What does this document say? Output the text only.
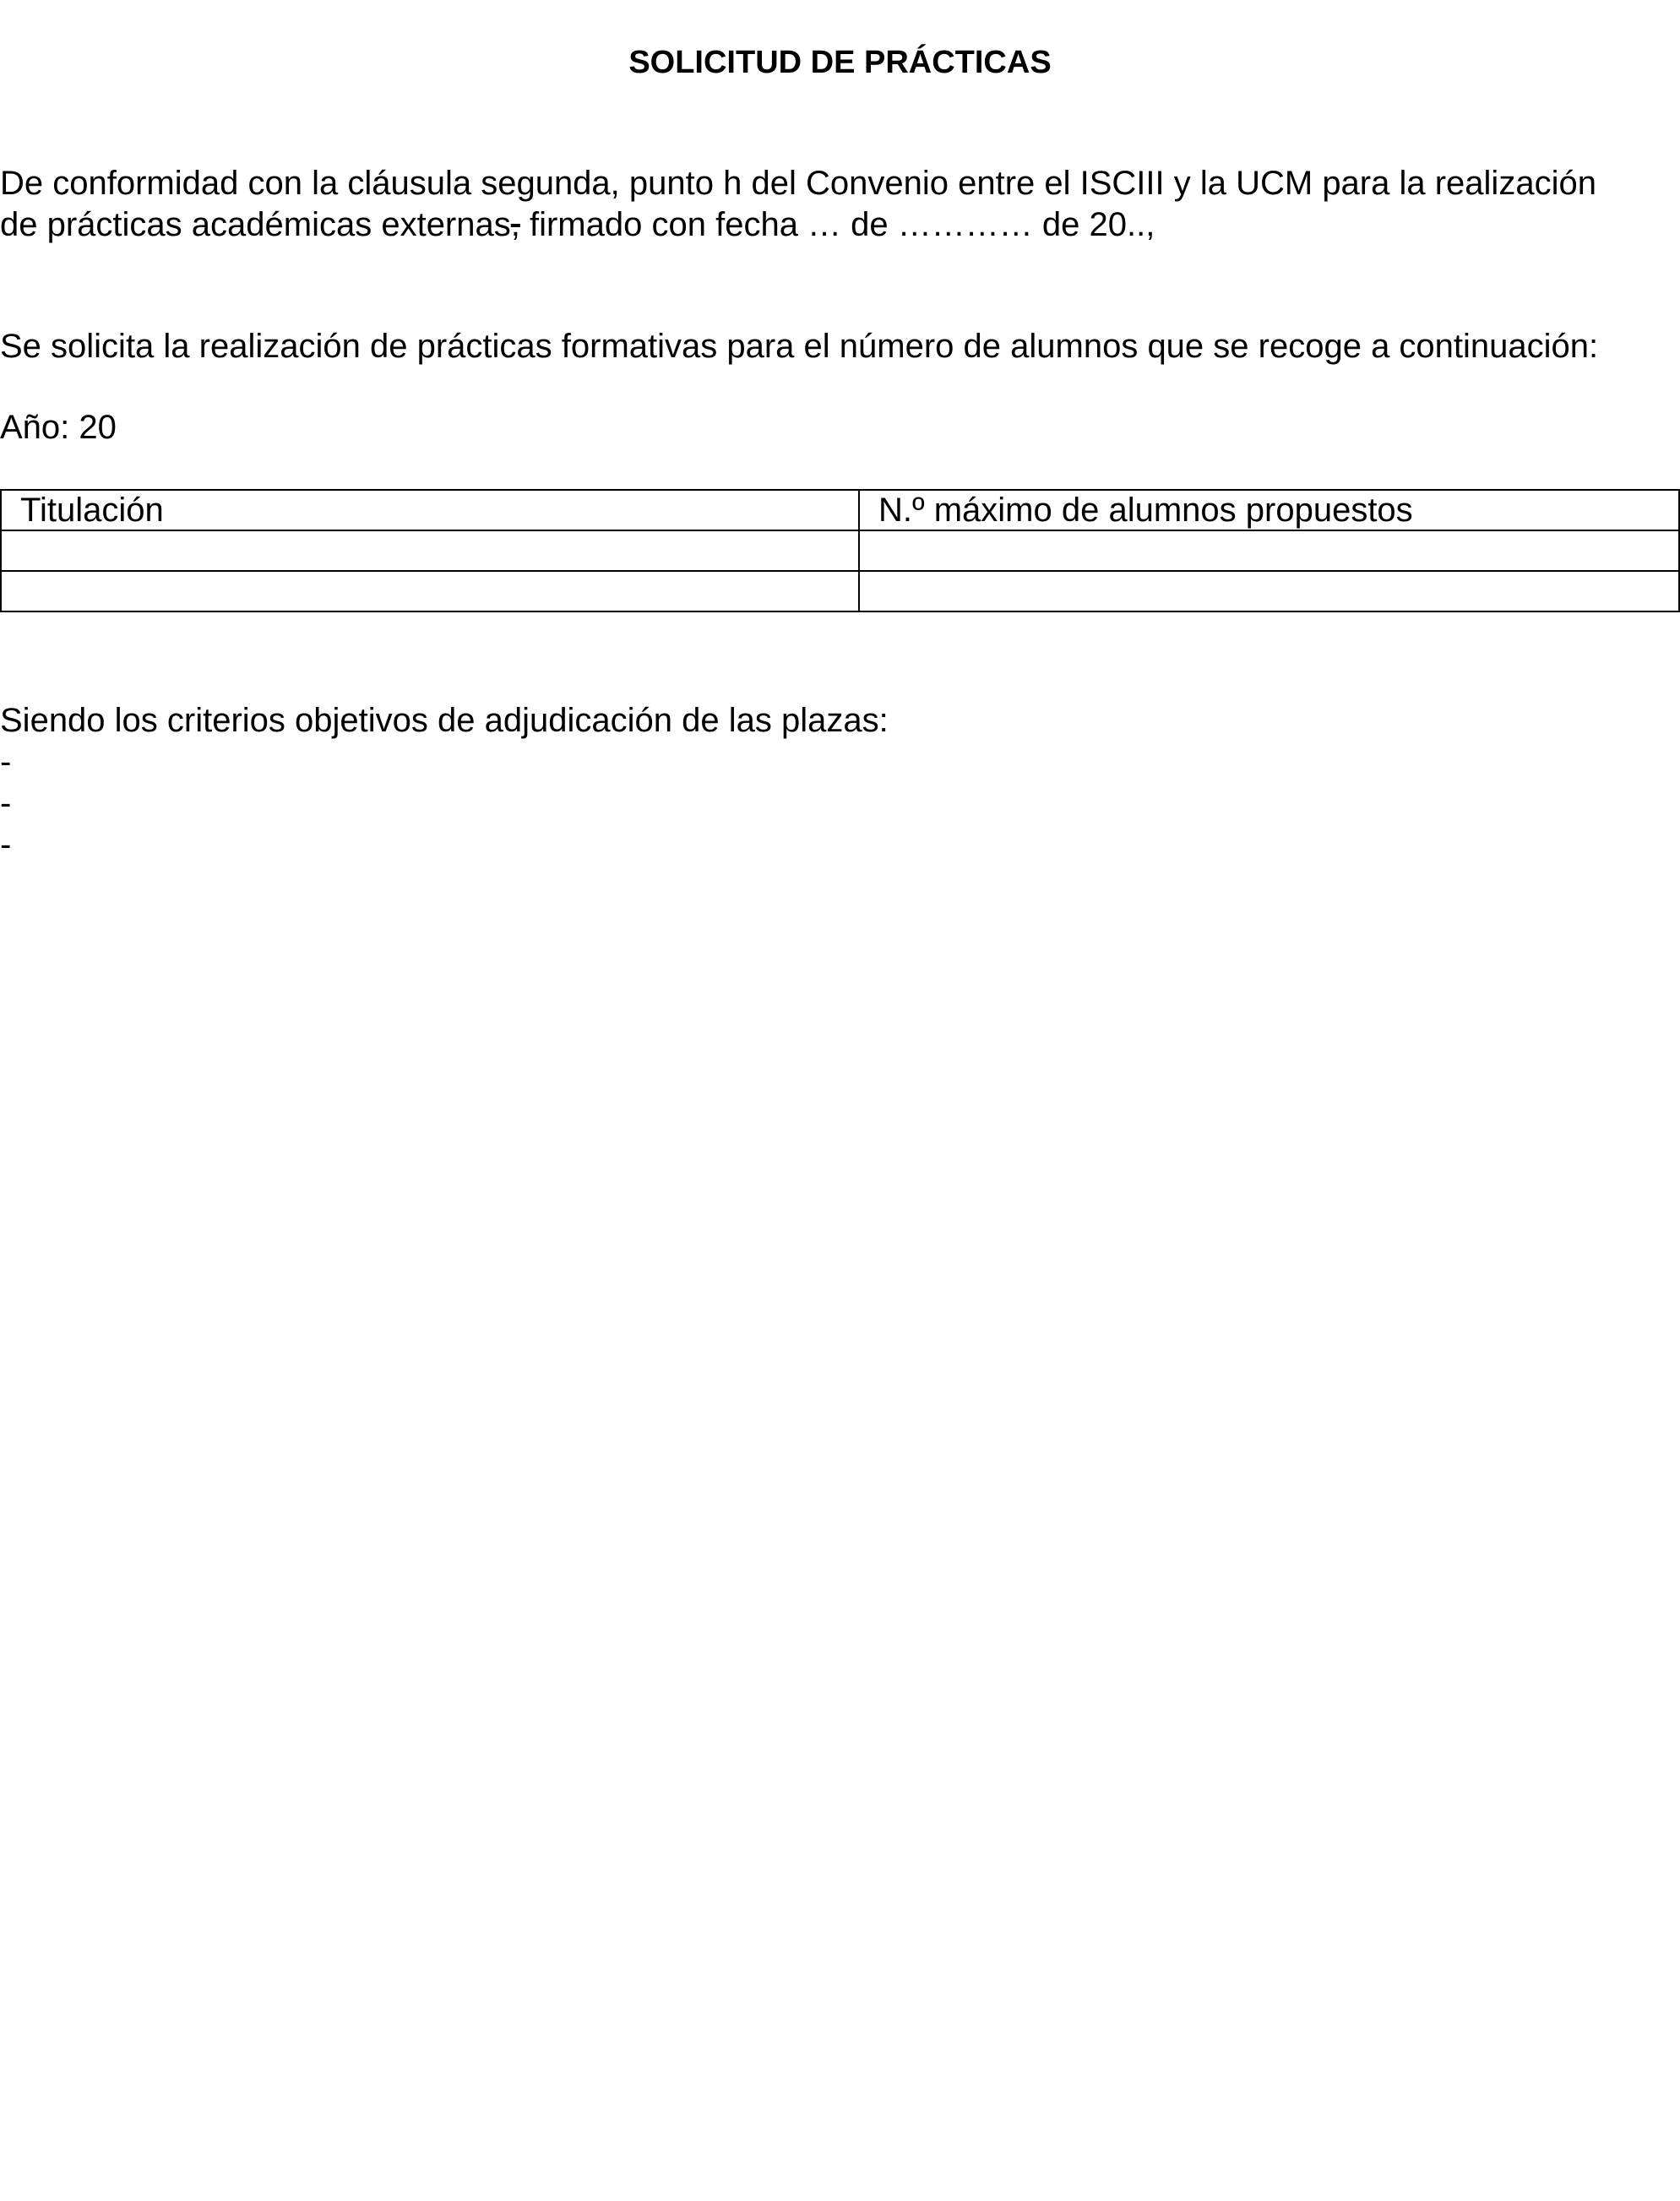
SOLICITUD DE PRÁCTICAS
De conformidad con la cláusula segunda, punto h del Convenio entre el ISCIII y la UCM para la realización
de prácticas académicas externas, firmado con fecha … de ………… de 20..,
Se solicita la realización de prácticas formativas para el número de alumnos que se recoge a continuación:
Año: 20
Titulación	N.º máximo de alumnos propuestos

Siendo los criterios objetivos de adjudicación de las plazas:
-
-
-
